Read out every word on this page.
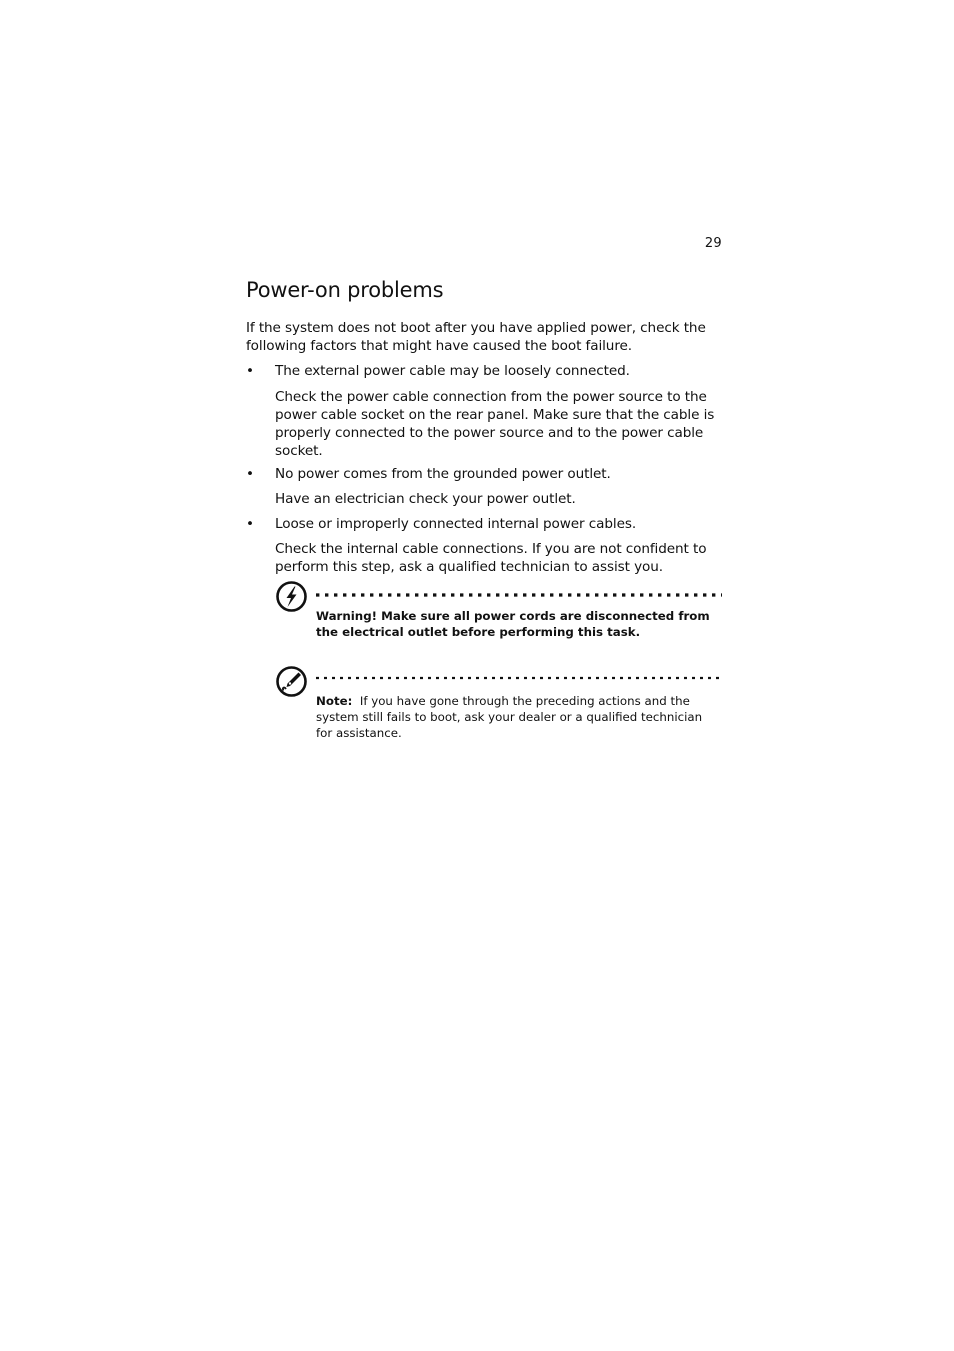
29
Power-on problems
If the system does not boot after you have applied power, check the
following factors that might have caused the boot failure.
• The external power cable may be loosely connected.
Check the power cable connection from the power source to the
power cable socket on the rear panel. Make sure that the cable is
properly connected to the power source and to the power cable
socket.
• No power comes from the grounded power outlet.
Have an electrician check your power outlet.
• Loose or improperly connected internal power cables.
Check the internal cable connections. If you are not confident to
perform this step, ask a qualified technician to assist you.
Warning! Make sure all power cords are disconnected from
the electrical outlet before performing this task.
Note:  If you have gone through the preceding actions and the
system still fails to boot, ask your dealer or a qualified technician
for assistance.
